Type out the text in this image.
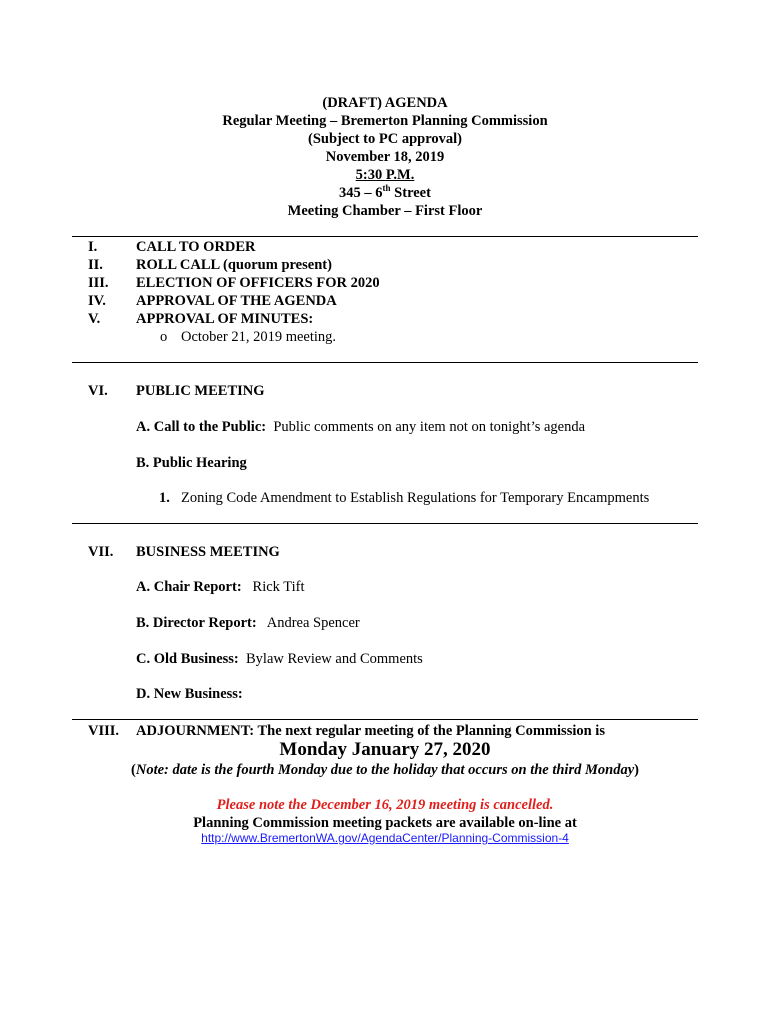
(DRAFT) AGENDA
Regular Meeting – Bremerton Planning Commission
(Subject to PC approval)
November 18, 2019
5:30 P.M.
345 – 6th Street
Meeting Chamber – First Floor
I.	CALL TO ORDER
II. ROLL CALL (quorum present)
III. ELECTION OF OFFICERS FOR 2020
IV. APPROVAL OF THE AGENDA
V. APPROVAL OF MINUTES:
o October 21, 2019 meeting.
VI. PUBLIC MEETING
A. Call to the Public: Public comments on any item not on tonight’s agenda
B. Public Hearing
1. Zoning Code Amendment to Establish Regulations for Temporary Encampments
VII. BUSINESS MEETING
A. Chair Report: Rick Tift
B. Director Report: Andrea Spencer
C. Old Business: Bylaw Review and Comments
D. New Business:
VIII. ADJOURNMENT: The next regular meeting of the Planning Commission is
Monday January 27, 2020
(Note: date is the fourth Monday due to the holiday that occurs on the third Monday)
Please note the December 16, 2019 meeting is cancelled.
Planning Commission meeting packets are available on-line at
http://www.BremertonWA.gov/AgendaCenter/Planning-Commission-4
